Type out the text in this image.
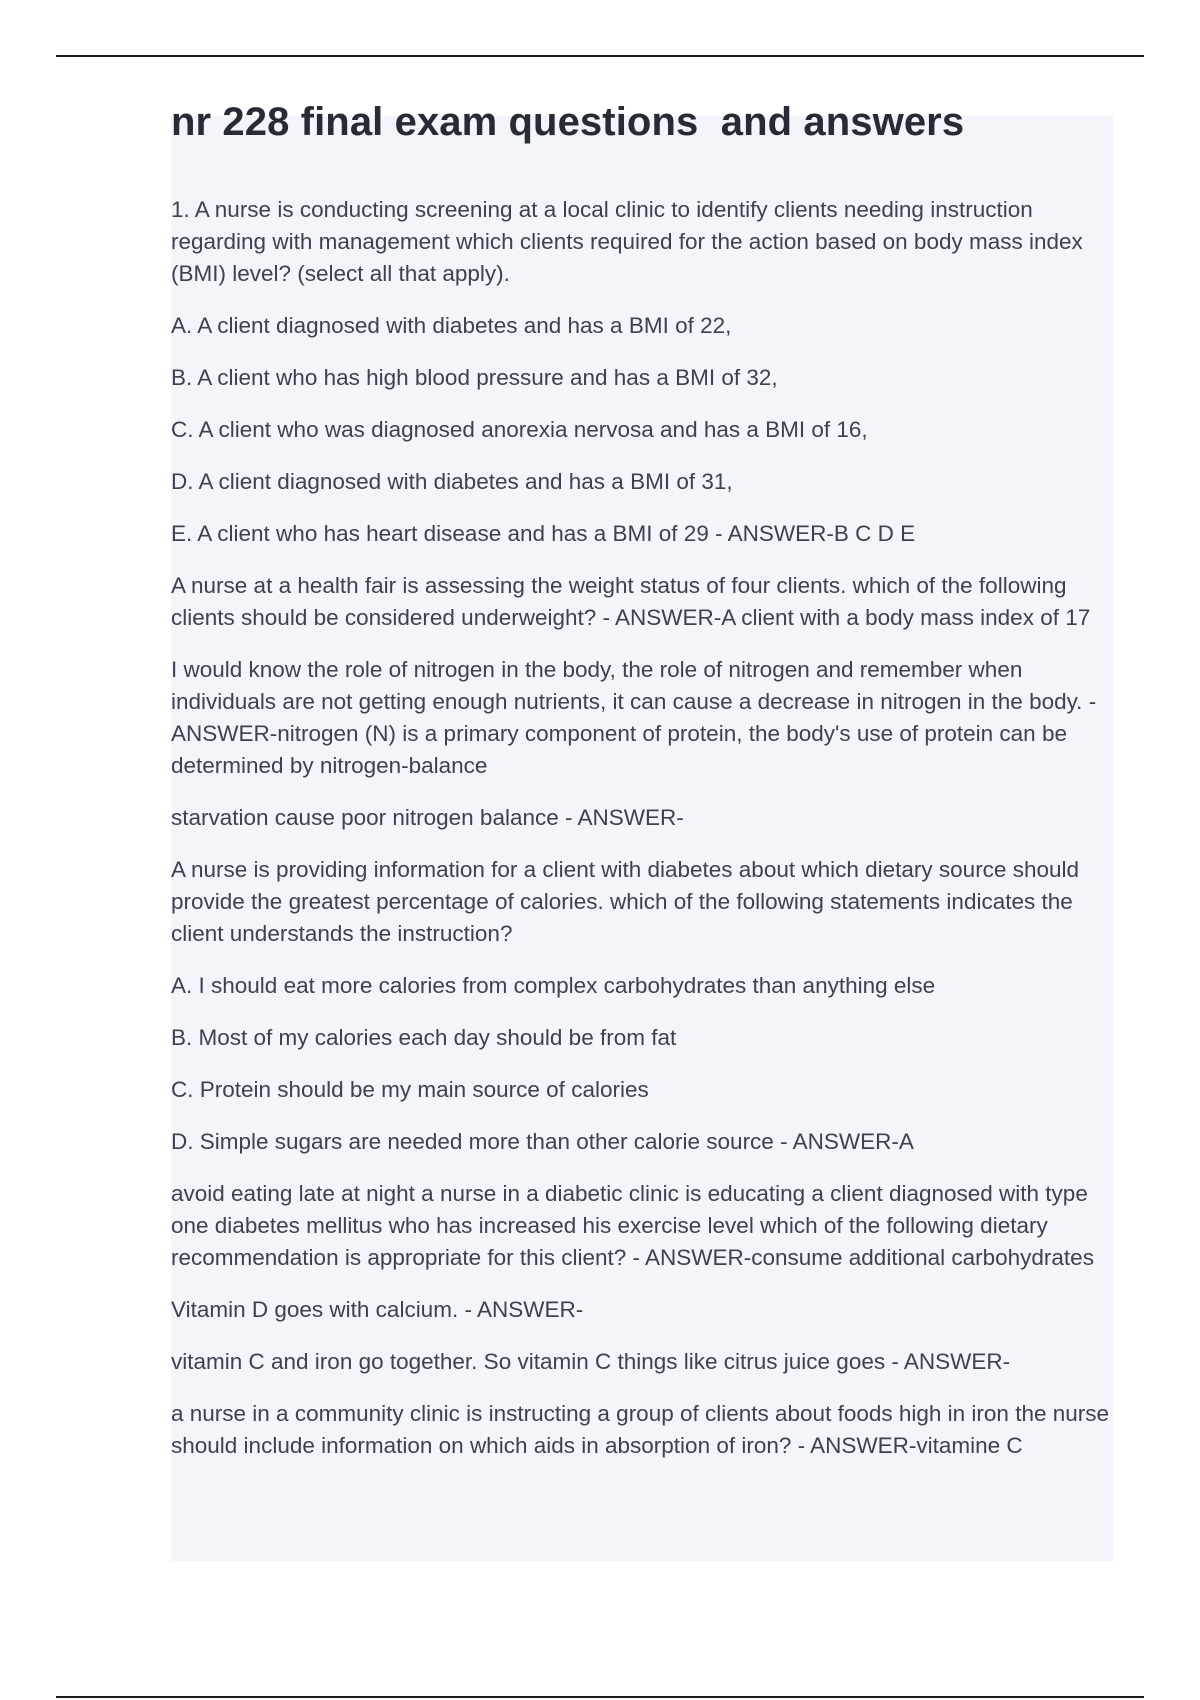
nr 228 final exam questions  and answers

1. A nurse is conducting screening at a local clinic to identify clients needing instruction regarding with management which clients required for the action based on body mass index (BMI) level? (select all that apply).

A. A client diagnosed with diabetes and has a BMI of 22,

B. A client who has high blood pressure and has a BMI of 32,

C. A client who was diagnosed anorexia nervosa and has a BMI of 16,

D. A client diagnosed with diabetes and has a BMI of 31,

E. A client who has heart disease and has a BMI of 29 - ANSWER-B C D E

A nurse at a health fair is assessing the weight status of four clients. which of the following clients should be considered underweight? - ANSWER-A client with a body mass index of 17

I would know the role of nitrogen in the body, the role of nitrogen and remember when individuals are not getting enough nutrients, it can cause a decrease in nitrogen in the body. - ANSWER-nitrogen (N) is a primary component of protein, the body's use of protein can be determined by nitrogen-balance

starvation cause poor nitrogen balance - ANSWER-

A nurse is providing information for a client with diabetes about which dietary source should provide the greatest percentage of calories. which of the following statements indicates the client understands the instruction?

A. I should eat more calories from complex carbohydrates than anything else

B. Most of my calories each day should be from fat

C. Protein should be my main source of calories

D. Simple sugars are needed more than other calorie source - ANSWER-A

avoid eating late at night a nurse in a diabetic clinic is educating a client diagnosed with type one diabetes mellitus who has increased his exercise level which of the following dietary recommendation is appropriate for this client? - ANSWER-consume additional carbohydrates

Vitamin D goes with calcium. - ANSWER-

vitamin C and iron go together. So vitamin C things like citrus juice goes - ANSWER-

a nurse in a community clinic is instructing a group of clients about foods high in iron the nurse should include information on which aids in absorption of iron? - ANSWER-vitamine C
